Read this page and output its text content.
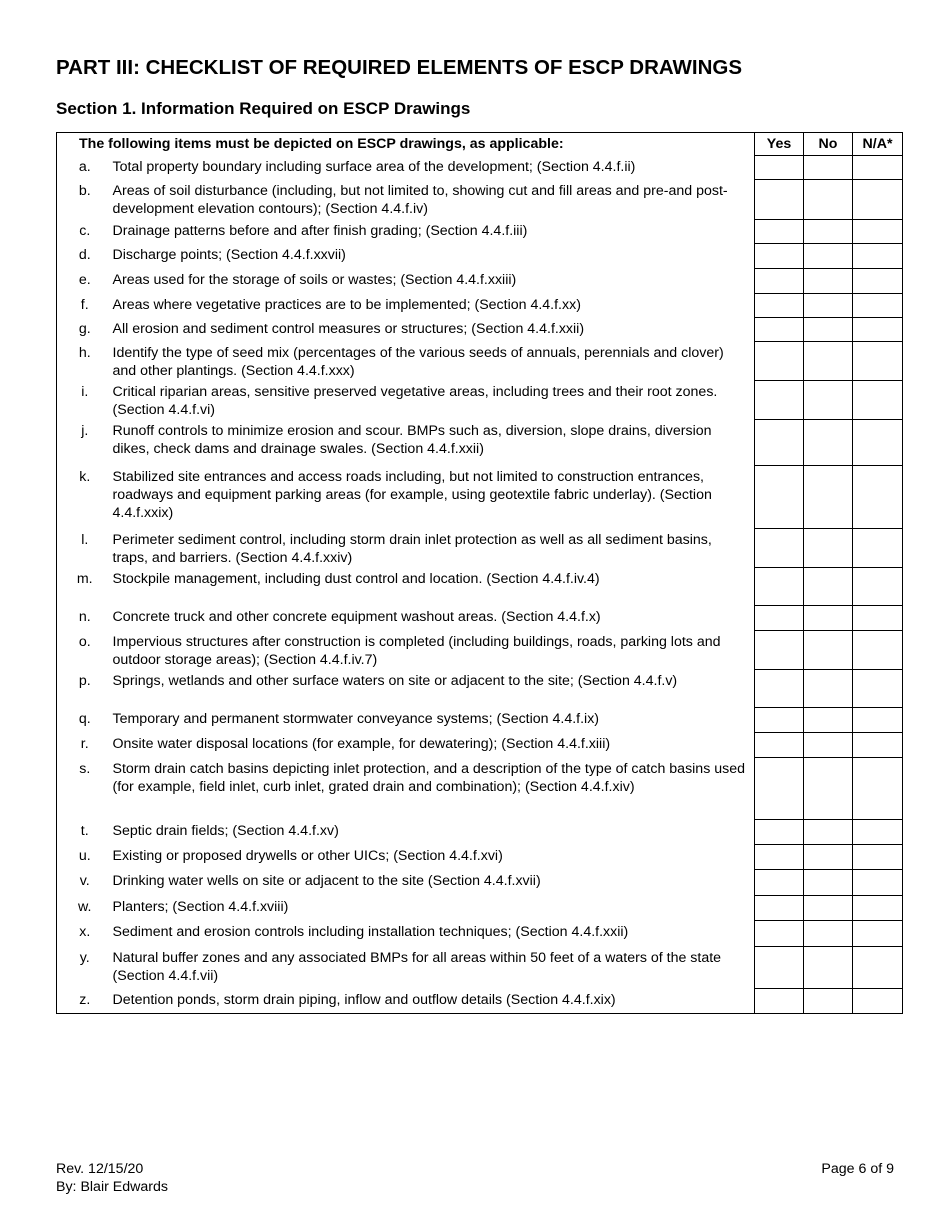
PART III: CHECKLIST OF REQUIRED ELEMENTS OF ESCP DRAWINGS
Section 1. Information Required on ESCP Drawings
The following items must be depicted on ESCP drawings, as applicable:		Yes	No	N/A*
a.	Total property boundary including surface area of the development; (Section 4.4.f.ii)			
b.	Areas of soil disturbance (including, but not limited to, showing cut and fill areas and pre-and post- development elevation contours); (Section 4.4.f.iv)			
c.	Drainage patterns before and after finish grading; (Section 4.4.f.iii)			
d.	Discharge points; (Section 4.4.f.xxvii)			
e.	Areas used for the storage of soils or wastes; (Section 4.4.f.xxiii)			
f.	Areas where vegetative practices are to be implemented; (Section 4.4.f.xx)			
g.	All erosion and sediment control measures or structures; (Section 4.4.f.xxii)			
h.	Identify the type of seed mix (percentages of the various seeds of annuals, perennials and clover) and other plantings. (Section 4.4.f.xxx)			
i.	Critical riparian areas, sensitive preserved vegetative areas, including trees and their root zones. (Section 4.4.f.vi)			
j.	Runoff controls to minimize erosion and scour. BMPs such as, diversion, slope drains, diversion dikes, check dams and drainage swales. (Section 4.4.f.xxii)			
k.	Stabilized site entrances and access roads including, but not limited to construction entrances, roadways and equipment parking areas (for example, using geotextile fabric underlay). (Section 4.4.f.xxix)			
l.	Perimeter sediment control, including storm drain inlet protection as well as all sediment basins, traps, and barriers. (Section 4.4.f.xxiv)			
m.	Stockpile management, including dust control and location. (Section 4.4.f.iv.4)			
n.	Concrete truck and other concrete equipment washout areas. (Section 4.4.f.x)			
o.	Impervious structures after construction is completed (including buildings, roads, parking lots and outdoor storage areas); (Section 4.4.f.iv.7)			
p.	Springs, wetlands and other surface waters on site or adjacent to the site; (Section 4.4.f.v)			
q.	Temporary and permanent stormwater conveyance systems; (Section 4.4.f.ix)			
r.	Onsite water disposal locations (for example, for dewatering); (Section 4.4.f.xiii)			
s.	Storm drain catch basins depicting inlet protection, and a description of the type of catch basins used (for example, field inlet, curb inlet, grated drain and combination); (Section 4.4.f.xiv)			
t.	Septic drain fields; (Section 4.4.f.xv)			
u.	Existing or proposed drywells or other UICs; (Section 4.4.f.xvi)			
v.	Drinking water wells on site or adjacent to the site (Section 4.4.f.xvii)			
w.	Planters; (Section 4.4.f.xviii)			
x.	Sediment and erosion controls including installation techniques; (Section 4.4.f.xxii)			
y.	Natural buffer zones and any associated BMPs for all areas within 50 feet of a waters of the state (Section 4.4.f.vii)			
z.	Detention ponds, storm drain piping, inflow and outflow details (Section 4.4.f.xix)			
Rev. 12/15/20
By: Blair Edwards
Page 6 of 9
